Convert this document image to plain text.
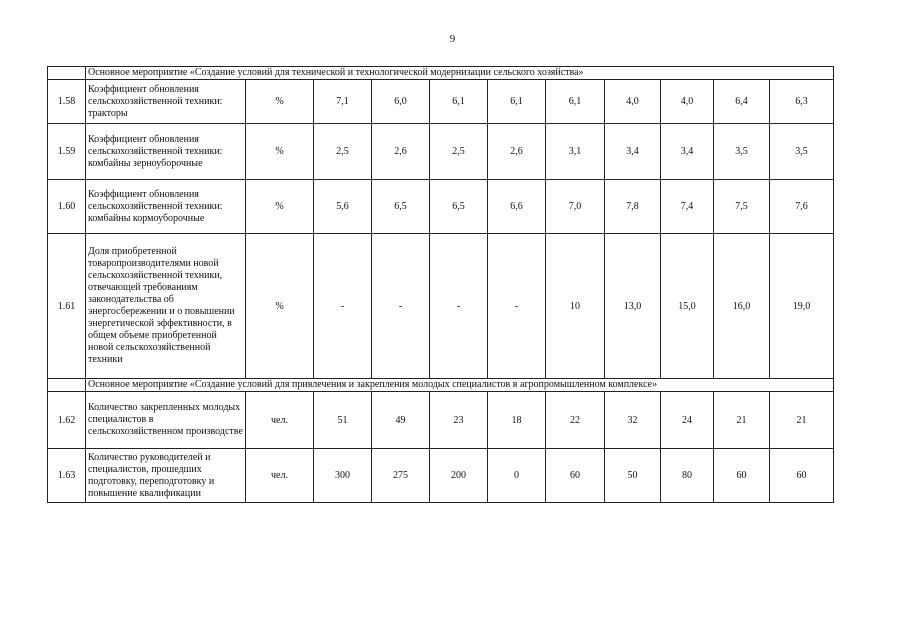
9
	Основное мероприятие «Создание условий для технической и технологической модернизации сельского хозяйства»										
1.58	Коэффициент обновления сельскохозяйственной техники: тракторы	%	7,1	6,0	6,1	6,1	6,1	4,0	4,0	6,4	6,3
1.59	Коэффициент обновления сельскохозяйственной техники: комбайны зерноуборочные	%	2,5	2,6	2,5	2,6	3,1	3,4	3,4	3,5	3,5
1.60	Коэффициент обновления сельскохозяйственной техники: комбайны кормоуборочные	%	5,6	6,5	6,5	6,6	7,0	7,8	7,4	7,5	7,6
1.61	Доля приобретенной товаропроизводителями новой сельскохозяйственной техники, отвечающей требованиям законодательства об энергосбережении и о повышении энергетической эффективности, в общем объеме приобретенной новой сельскохозяйственной техники	%	-	-	-	-	10	13,0	15,0	16,0	19,0
	Основное мероприятие «Создание условий для привлечения и закрепления молодых специалистов в агропромышленном комплексе»										
1.62	Количество закрепленных молодых специалистов в сельскохозяйственном производстве	чел.	51	49	23	18	22	32	24	21	21
1.63	Количество руководителей и специалистов, прошедших подготовку, переподготовку и повышение квалификации	чел.	300	275	200	0	60	50	80	60	60
